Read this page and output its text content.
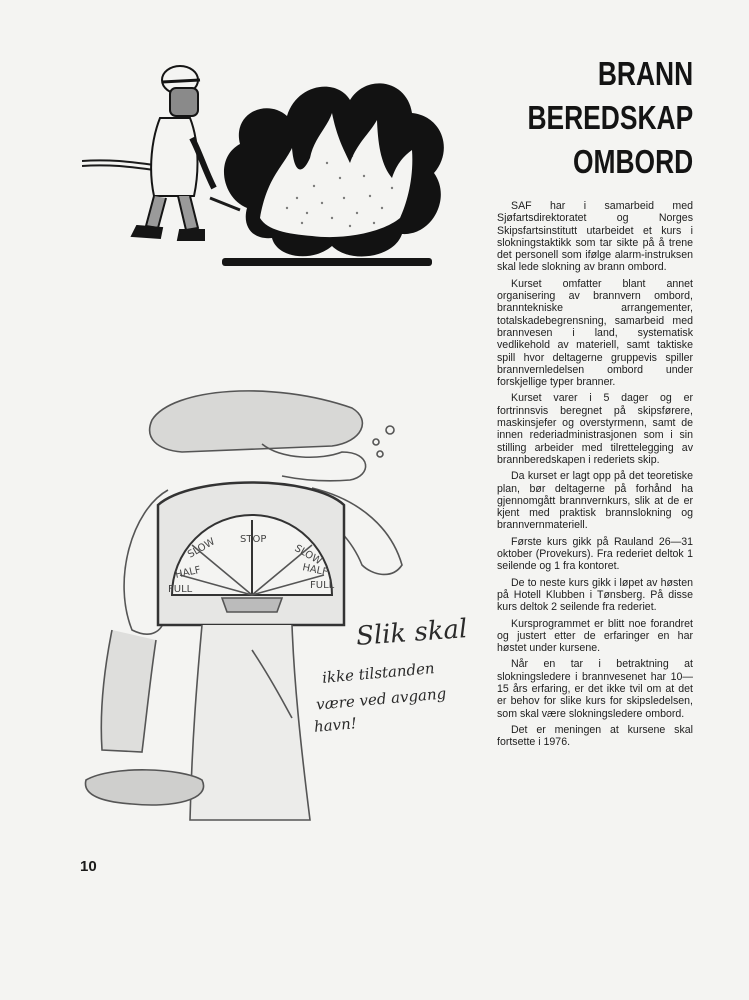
BRANN
BEREDSKAP
OMBORD
STOP
SLOW	SLOW
HALF	HALF
FULL	FULL
Slik skal
ikke tilstanden
være ved avgang
havn!

SAF har i samarbeid med Sjøfartsdirektoratet og Norges Skipsfartsinstitutt utarbeidet et kurs i slokningstaktikk som tar sikte på å trene det personell som ifølge alarm-instruksen skal lede slokning av brann ombord.

Kurset omfatter blant annet organisering av brannvern ombord, branntekniske arrangementer, totalskadebegrensning, samarbeid med brannvesen i land, systematisk vedlikehold av materiell, samt taktiske spill hvor deltagerne gruppevis spiller brannvernledelsen ombord under forskjellige typer branner.

Kurset varer i 5 dager og er fortrinnsvis beregnet på skipsførere, maskinsjefer og overstyrmenn, samt de innen rederiadministrasjonen som i sin stilling arbeider med tilrettelegging av brannberedskapen i rederiets skip.

Da kurset er lagt opp på det teoretiske plan, bør deltagerne på forhånd ha gjennomgått brannvernkurs, slik at de er kjent med praktisk brannslokning og brannvernmateriell.

Første kurs gikk på Rauland 26—31 oktober (Provekurs). Fra rederiet deltok 1 seilende og 1 fra kontoret.

De to neste kurs gikk i løpet av høsten på Hotell Klubben i Tønsberg. På disse kurs deltok 2 seilende fra rederiet.

Kursprogrammet er blitt noe forandret og justert etter de erfaringer en har høstet under kursene.

Når en tar i betraktning at slokningsledere i brannvesenet har 10—15 års erfaring, er det ikke tvil om at det er behov for slike kurs for skipsledelsen, som skal være slokningsledere ombord.

Det er meningen at kursene skal fortsette i 1976.

10
